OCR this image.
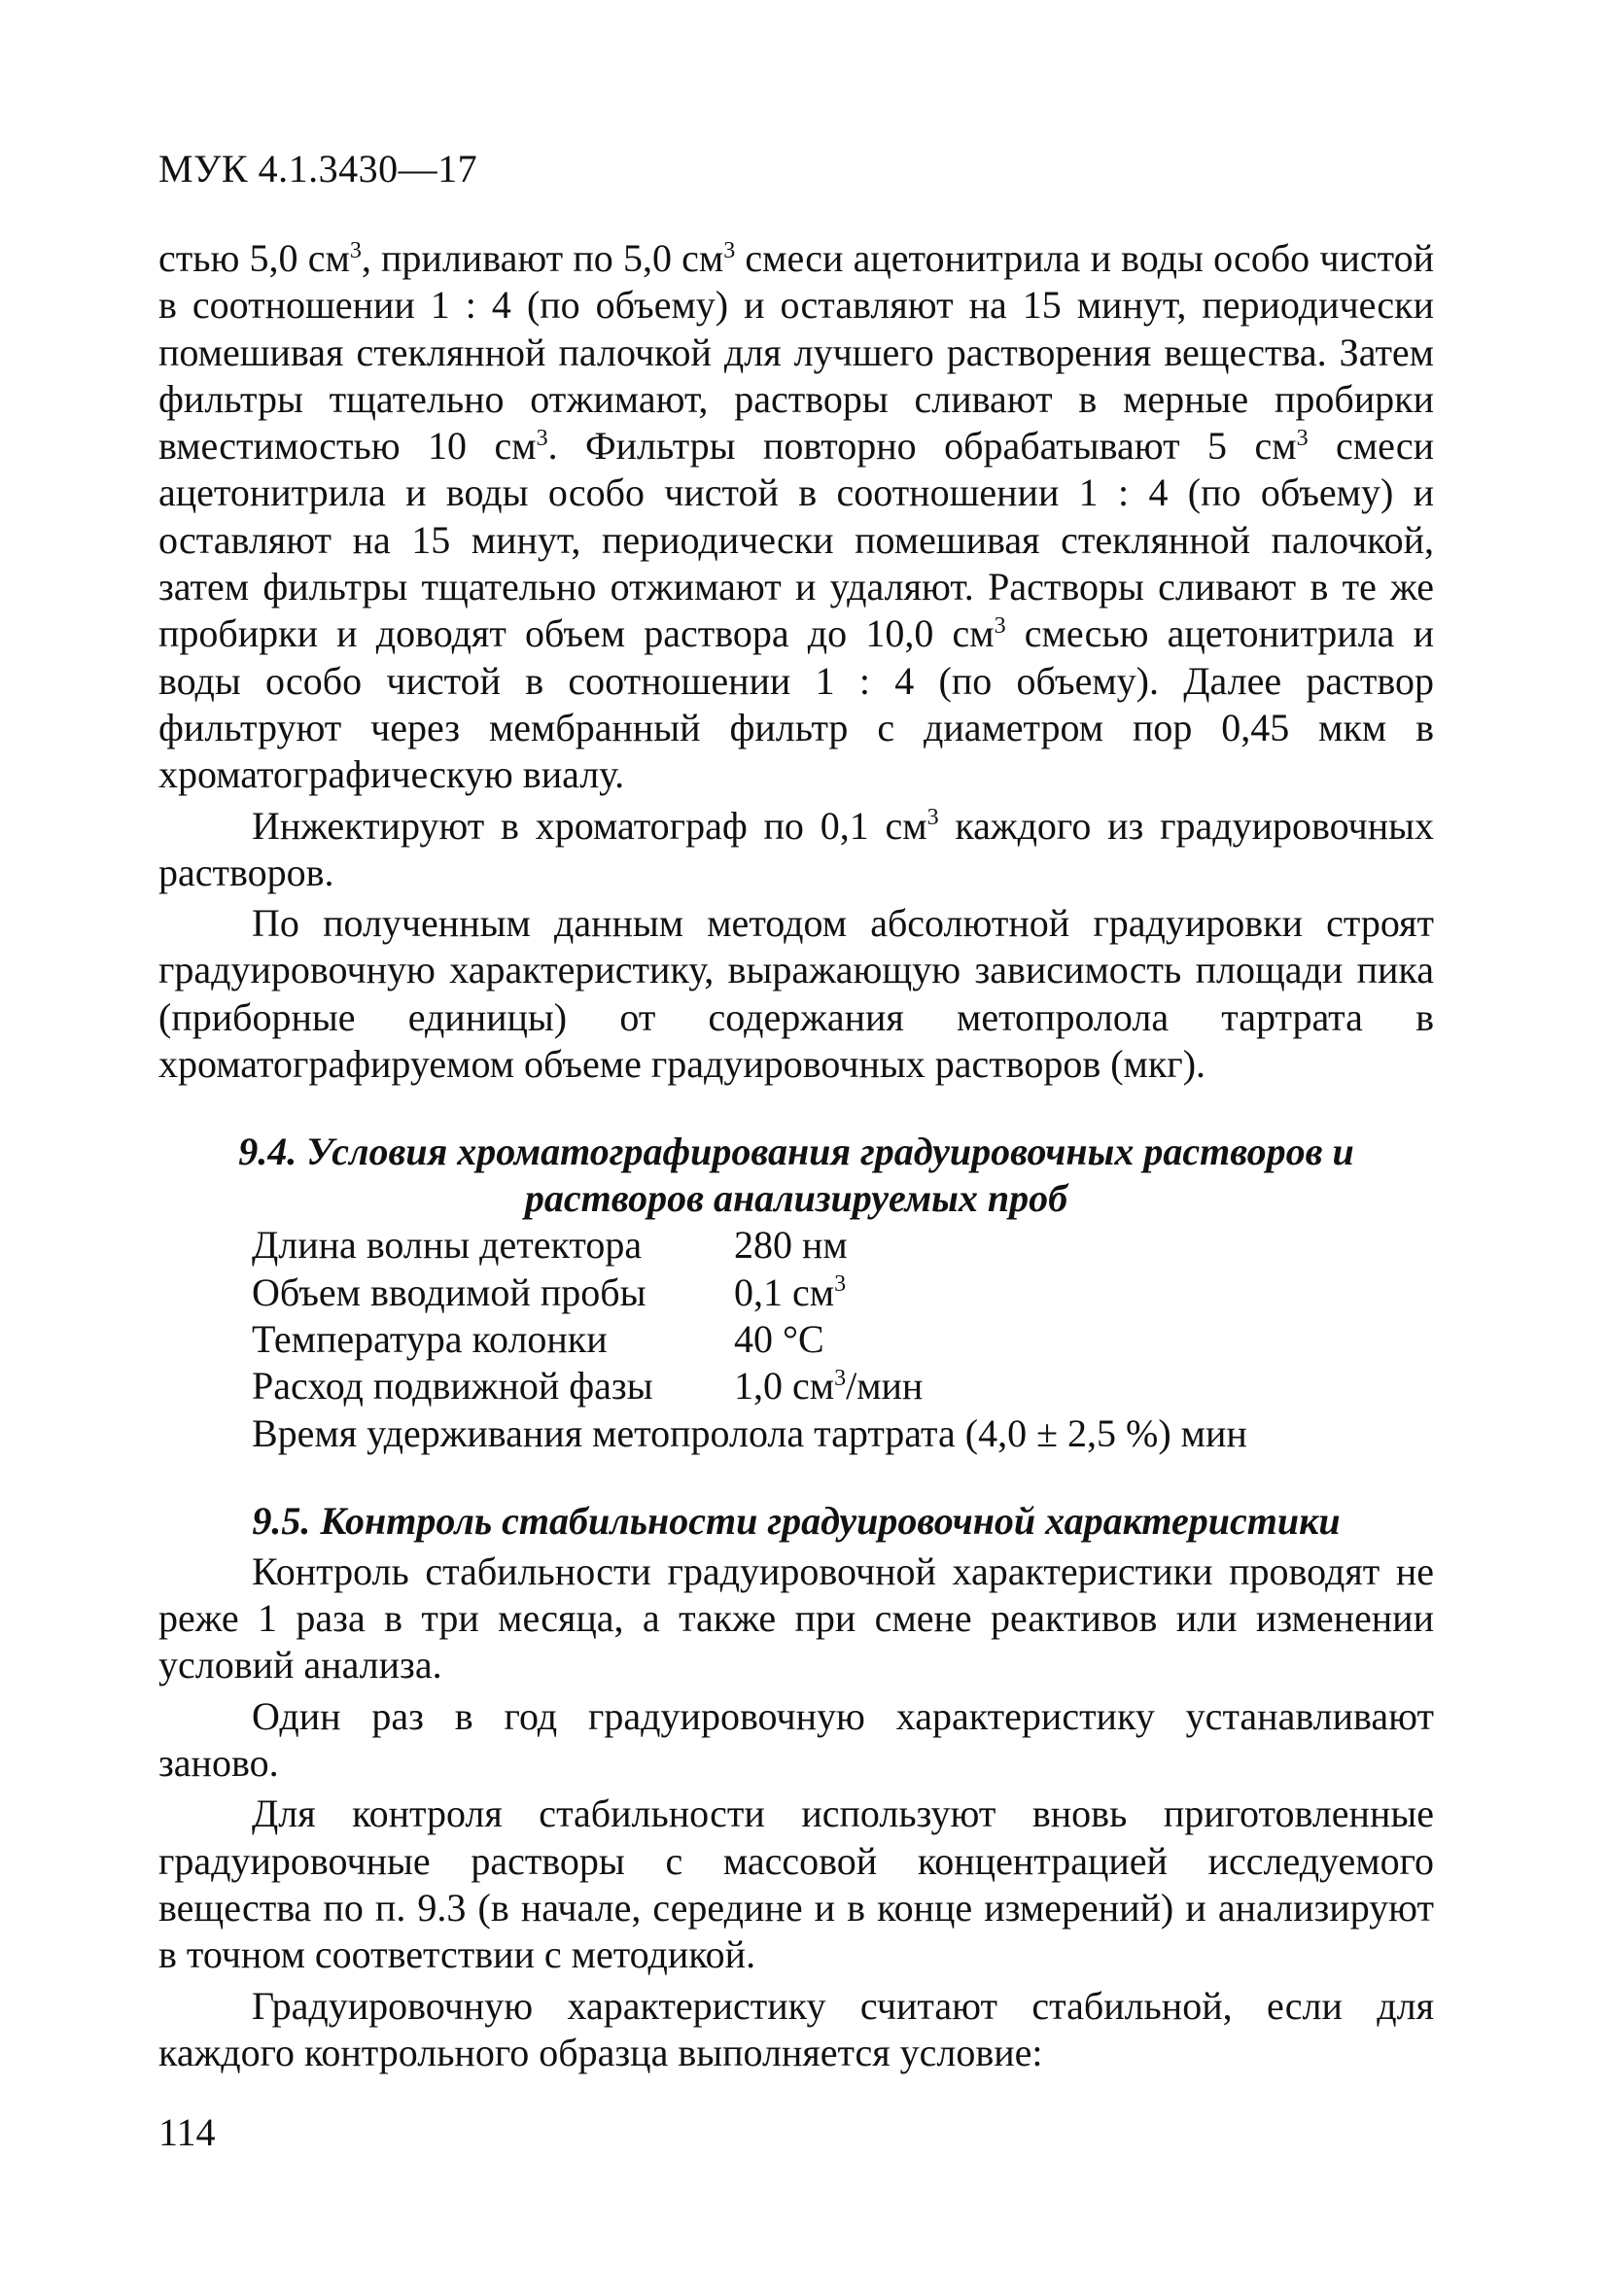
МУК 4.1.3430—17

стью 5,0 $см^3$, приливают по 5,0 $см^3$ смеси ацетонитрила и воды особо чистой в соотношении 1 : 4 (по объему) и оставляют на 15 минут, периодически помешивая стеклянной палочкой для лучшего растворения вещества. Затем фильтры тщательно отжимают, растворы сливают в мерные пробирки вместимостью 10 $см^3$. Фильтры повторно обрабатывают 5 $см^3$ смеси ацетонитрила и воды особо чистой в соотношении 1 : 4 (по объему) и оставляют на 15 минут, периодически помешивая стеклянной палочкой, затем фильтры тщательно отжимают и удаляют. Растворы сливают в те же пробирки и доводят объем раствора до 10,0 $см^3$ смесью ацетонитрила и воды особо чистой в соотношении 1 : 4 (по объему). Далее раствор фильтруют через мембранный фильтр с диаметром пор 0,45 мкм в хроматографическую виалу.

Инжектируют в хроматограф по 0,1 $см^3$ каждого из градуировочных растворов.

По полученным данным методом абсолютной градуировки строят градуировочную характеристику, выражающую зависимость площади пика (приборные единицы) от содержания метопролола тартрата в хроматографируемом объеме градуировочных растворов (мкг).

9.4. Условия хроматографирования градуировочных растворов и
растворов анализируемых проб
Длина волны детектора	280 нм
Объем вводимой пробы	0,1 $см^3$
Температура колонки	40 °С
Расход подвижной фазы	1,0 $см^3$/мин
Время удерживания метопролола тартрата (4,0 ± 2,5 %) мин
9.5. Контроль стабильности градуировочной характеристики

Контроль стабильности градуировочной характеристики проводят не реже 1 раза в три месяца, а также при смене реактивов или изменении условий анализа.

Один раз в год градуировочную характеристику устанавливают заново.

Для контроля стабильности используют вновь приготовленные градуировочные растворы с массовой концентрацией исследуемого вещества по п. 9.3 (в начале, середине и в конце измерений) и анализируют в точном соответствии с методикой.

Градуировочную характеристику считают стабильной, если для каждого контрольного образца выполняется условие:

114
